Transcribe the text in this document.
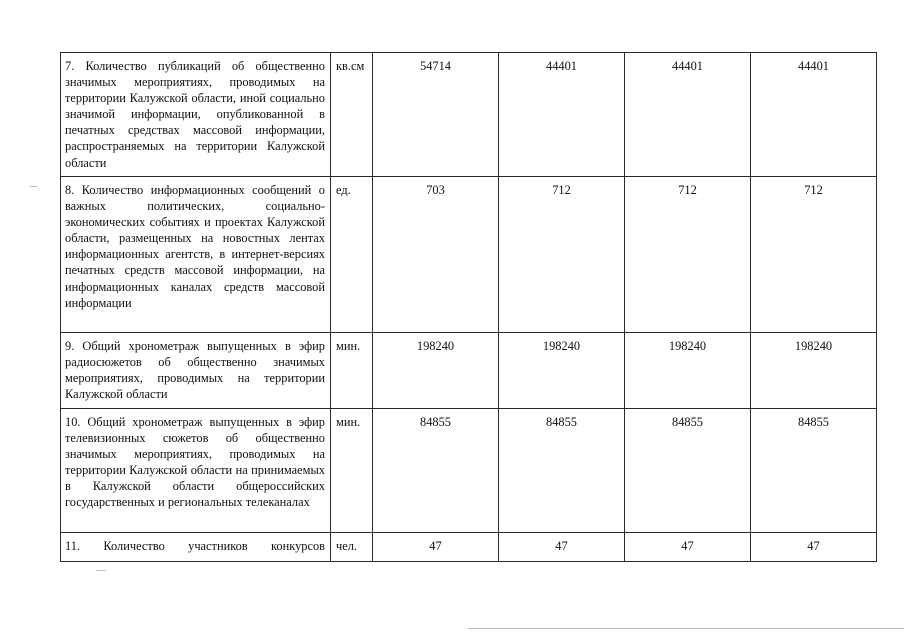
7. Количество публикаций об общественно значимых мероприятиях, проводимых на территории Калужской области, иной социально значимой информации, опубликованной в печатных средствах массовой информации, распространяемых на территории Калужской области	кв.см	54714	44401	44401	44401
8. Количество информационных сообщений о важных политических, социально-экономических событиях и проектах Калужской области, размещенных на новостных лентах информационных агентств, в интернет-версиях печатных средств массовой информации, на информационных каналах средств массовой информации	ед.	703	712	712	712
9. Общий хронометраж выпущенных в эфир радиосюжетов об общественно значимых мероприятиях, проводимых на территории Калужской области	мин.	198240	198240	198240	198240
10. Общий хронометраж выпущенных в эфир телевизионных сюжетов об общественно значимых мероприятиях, проводимых на территории Калужской области на принимаемых в Калужской области общероссийских государственных и региональных телеканалах	мин.	84855	84855	84855	84855
11. Количество участников конкурсов	чел.	47	47	47	47
